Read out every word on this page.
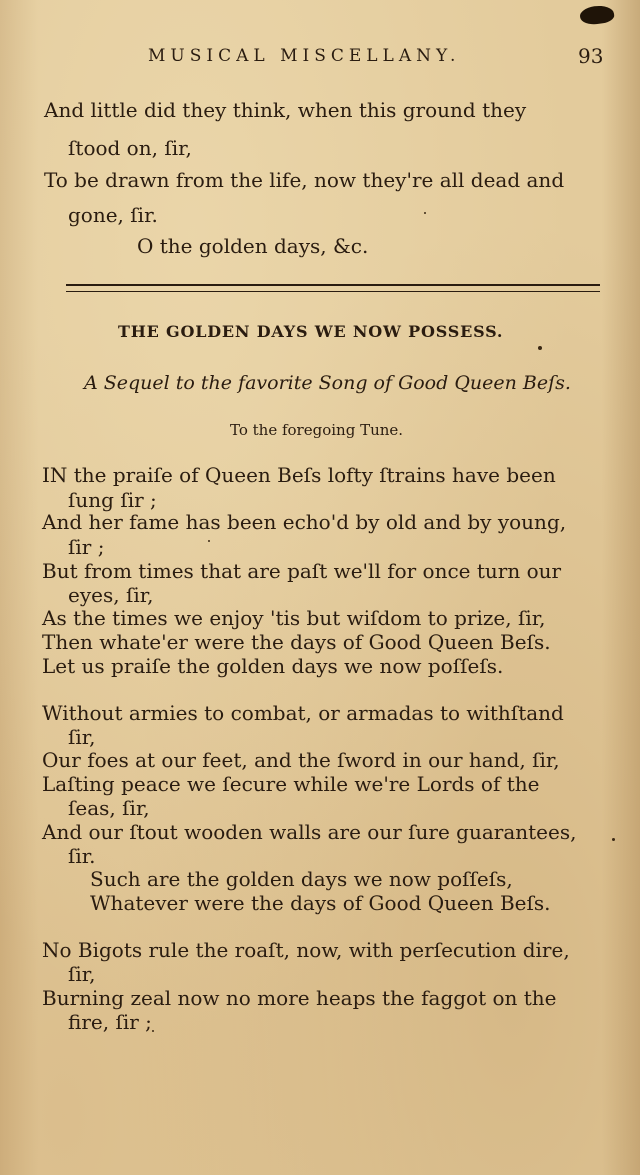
MUSICAL MISCELLANY.	93
And little did they think, when this ground they
ſtood on, ſir,
To be drawn from the life, now they're all dead and
gone, ſir.
O the golden days, &c.
THE GOLDEN DAYS WE NOW POSSESS.
A Sequel to the favorite Song of Good Queen Beſs.
To the foregoing Tune.
IN the praiſe of Queen Beſs lofty ſtrains have been
ſung ſir ;
And her fame has been echo'd by old and by young,
ſir ;
But from times that are paſt we'll for once turn our
eyes, ſir,
As the times we enjoy 'tis but wiſdom to prize, ſir,
Then whate'er were the days of Good Queen Beſs.
Let us praiſe the golden days we now poſſeſs.
Without armies to combat, or armadas to withſtand
ſir,
Our foes at our feet, and the ſword in our hand, ſir,
Laſting peace we ſecure while we're Lords of the
ſeas, ſir,
And our ſtout wooden walls are our ſure guarantees,
ſir.
Such are the golden days we now poſſeſs,
Whatever were the days of Good Queen Beſs.
No Bigots rule the roaſt, now, with perſecution dire,
ſir,
Burning zeal now no more heaps the faggot on the
fire, ſir ;
